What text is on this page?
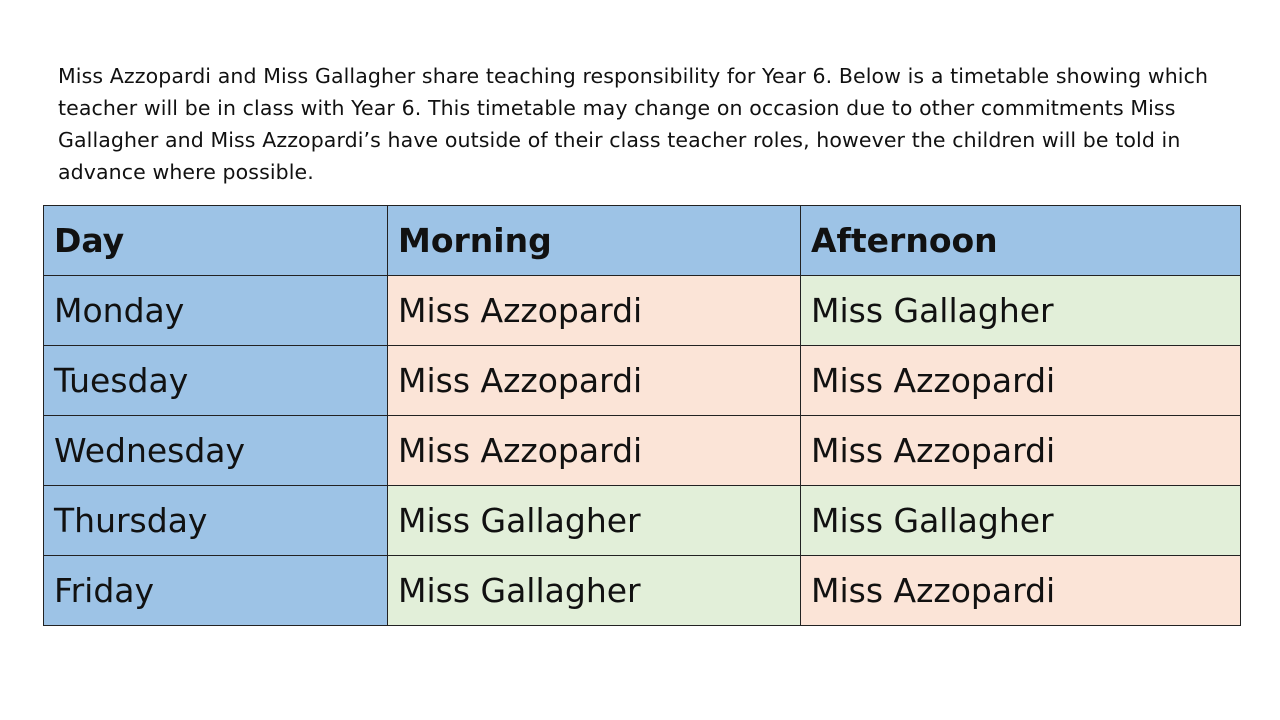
Miss Azzopardi and Miss Gallagher share teaching responsibility for Year 6. Below is a timetable showing which teacher will be in class with Year 6. This timetable may change on occasion due to other commitments Miss Gallagher and Miss Azzopardi’s have outside of their class teacher roles, however the children will be told in advance where possible.

Day	Morning	Afternoon
Monday	Miss Azzopardi	Miss Gallagher
Tuesday	Miss Azzopardi	Miss Azzopardi
Wednesday	Miss Azzopardi	Miss Azzopardi
Thursday	Miss Gallagher	Miss Gallagher
Friday	Miss Gallagher	Miss Azzopardi
